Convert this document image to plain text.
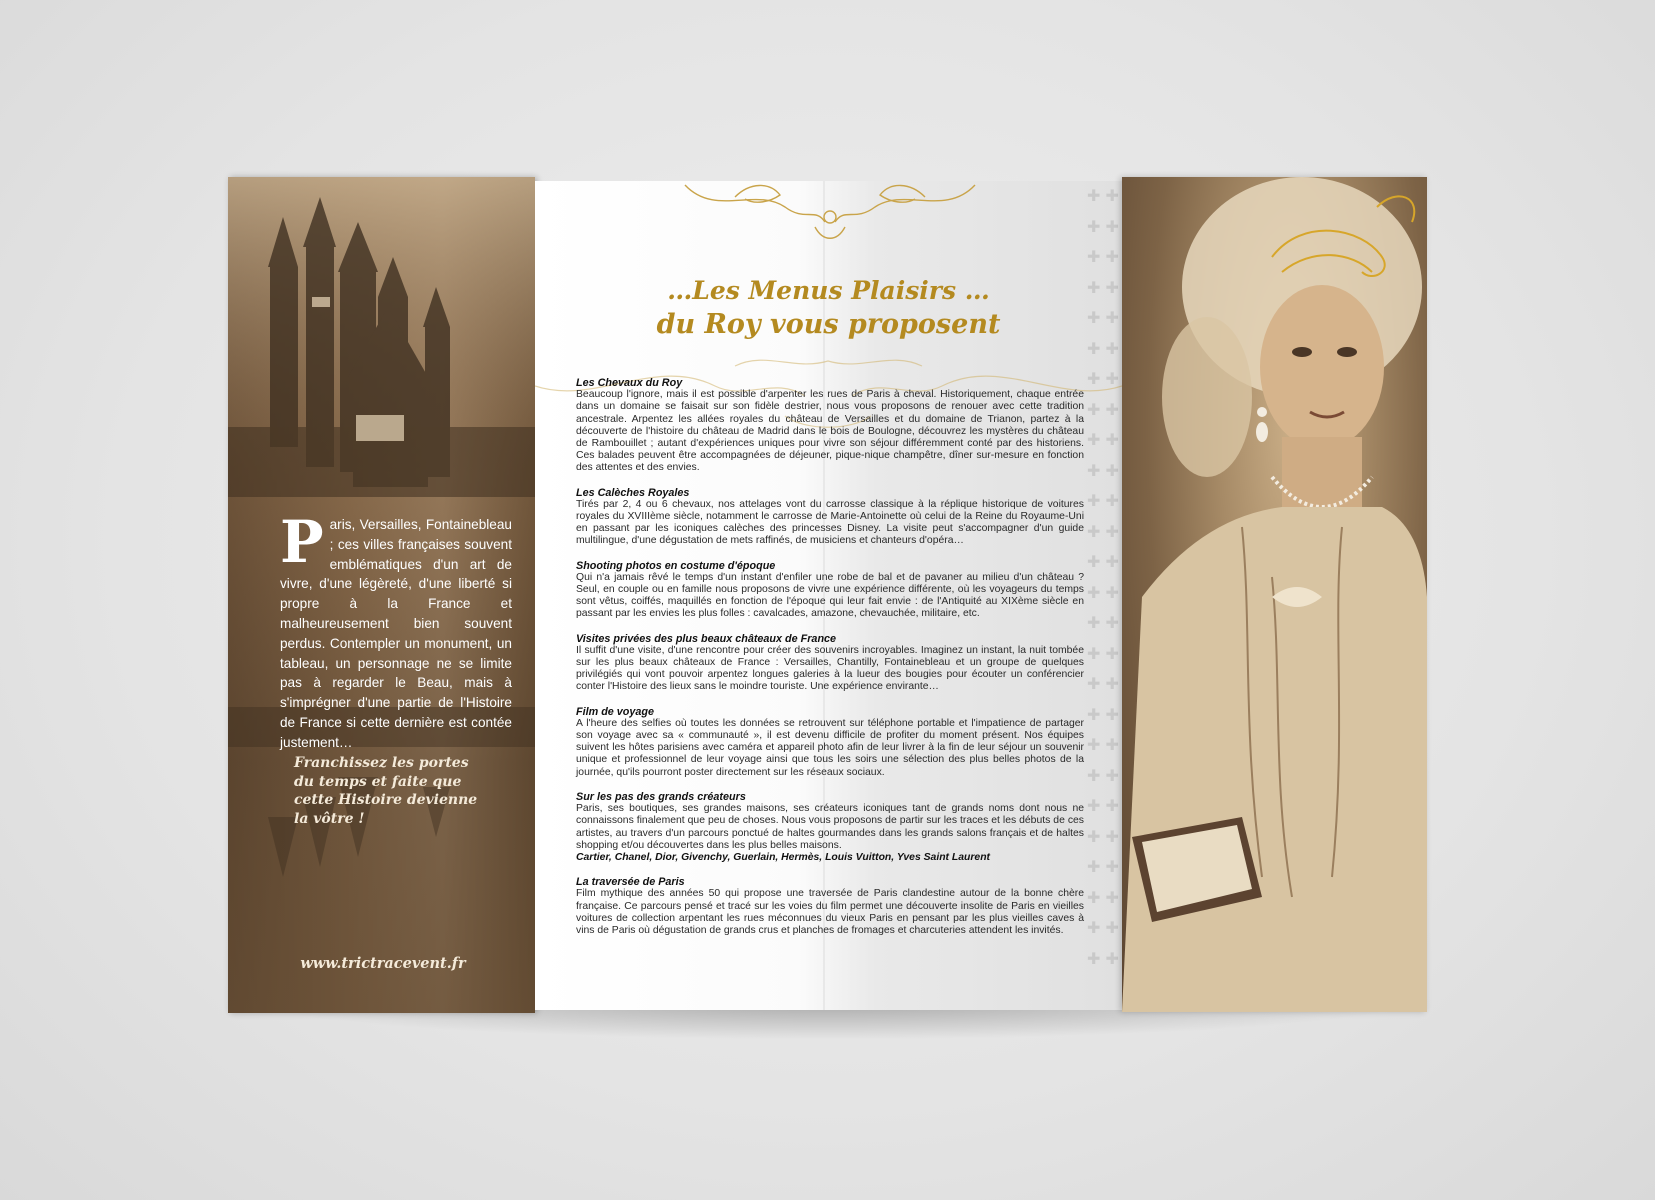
P aris, Versailles, Fontainebleau ; ces villes françaises souvent emblématiques d'un art de vivre, d'une légèreté, d'une liberté si propre à la France et malheureusement bien souvent perdus. Contempler un monument, un tableau, un personnage ne se limite pas à regarder le Beau, mais à s'imprégner d'une partie de l'Histoire de France si cette dernière est contée justement…
Franchissez les portes du temps et faite que cette Histoire devienne la vôtre !
www.trictracevent.fr
✚ ✚
✚ ✚
✚ ✚
✚ ✚
✚ ✚
✚ ✚
✚ ✚
✚ ✚
✚ ✚
✚ ✚
✚ ✚
✚ ✚
✚ ✚
✚ ✚
✚ ✚
✚ ✚
✚ ✚
✚ ✚
✚ ✚
✚ ✚
✚ ✚
✚ ✚
✚ ✚
✚ ✚
✚ ✚
✚ ✚
…Les Menus Plaisirs …
du Roy vous proposent
Les Chevaux du Roy

Beaucoup l'ignore, mais il est possible d'arpenter les rues de Paris à cheval. Historiquement, chaque entrée dans un domaine se faisait sur son fidèle destrier, nous vous proposons de renouer avec cette tradition ancestrale. Arpentez les allées royales du château de Versailles et du domaine de Trianon, partez à la découverte de l'histoire du château de Madrid dans le bois de Boulogne, découvrez les mystères du château de Rambouillet ; autant d'expériences uniques pour vivre son séjour différemment conté par des historiens. Ces balades peuvent être accompagnées de déjeuner, pique-nique champêtre, dîner sur-mesure en fonction des attentes et des envies.

Les Calèches Royales

Tirés par 2, 4 ou 6 chevaux, nos attelages vont du carrosse classique à la réplique historique de voitures royales du XVIIIème siècle, notamment le carrosse de Marie-Antoinette où celui de la Reine du Royaume-Uni en passant par les iconiques calèches des princesses Disney. La visite peut s'accompagner d'un guide multilingue, d'une dégustation de mets raffinés, de musiciens et chanteurs d'opéra…

Shooting photos en costume d'époque

Qui n'a jamais rêvé le temps d'un instant d'enfiler une robe de bal et de pavaner au milieu d'un château ? Seul, en couple ou en famille nous proposons de vivre une expérience différente, où les voyageurs du temps sont vêtus, coiffés, maquillés en fonction de l'époque qui leur fait envie : de l'Antiquité au XIXème siècle en passant par les envies les plus folles : cavalcades, amazone, chevauchée, militaire, etc.

Visites privées des plus beaux châteaux de France

Il suffit d'une visite, d'une rencontre pour créer des souvenirs incroyables. Imaginez un instant, la nuit tombée sur les plus beaux châteaux de France : Versailles, Chantilly, Fontainebleau et un groupe de quelques privilégiés qui vont pouvoir arpentez longues galeries à la lueur des bougies pour écouter un conférencier conter l'Histoire des lieux sans le moindre touriste. Une expérience envirante…

Film de voyage

A l'heure des selfies où toutes les données se retrouvent sur téléphone portable et l'impatience de partager son voyage avec sa « communauté », il est devenu difficile de profiter du moment présent. Nos équipes suivent les hôtes parisiens avec caméra et appareil photo afin de leur livrer à la fin de leur séjour un souvenir unique et professionnel de leur voyage ainsi que tous les soirs une sélection des plus belles photos de la journée, qu'ils pourront poster directement sur les réseaux sociaux.

Sur les pas des grands créateurs

Paris, ses boutiques, ses grandes maisons, ses créateurs iconiques tant de grands noms dont nous ne connaissons finalement que peu de choses. Nous vous proposons de partir sur les traces et les débuts de ces artistes, au travers d'un parcours ponctué de haltes gourmandes dans les grands salons français et de haltes shopping et/ou découvertes dans les plus belles maisons.

Cartier, Chanel, Dior, Givenchy, Guerlain, Hermès, Louis Vuitton, Yves Saint Laurent

La traversée de Paris

Film mythique des années 50 qui propose une traversée de Paris clandestine autour de la bonne chère française. Ce parcours pensé et tracé sur les voies du film permet une découverte insolite de Paris en vieilles voitures de collection arpentant les rues méconnues du vieux Paris en pensant par les plus vieilles caves à vins de Paris où dégustation de grands crus et planches de fromages et charcuteries attendent les invités.
